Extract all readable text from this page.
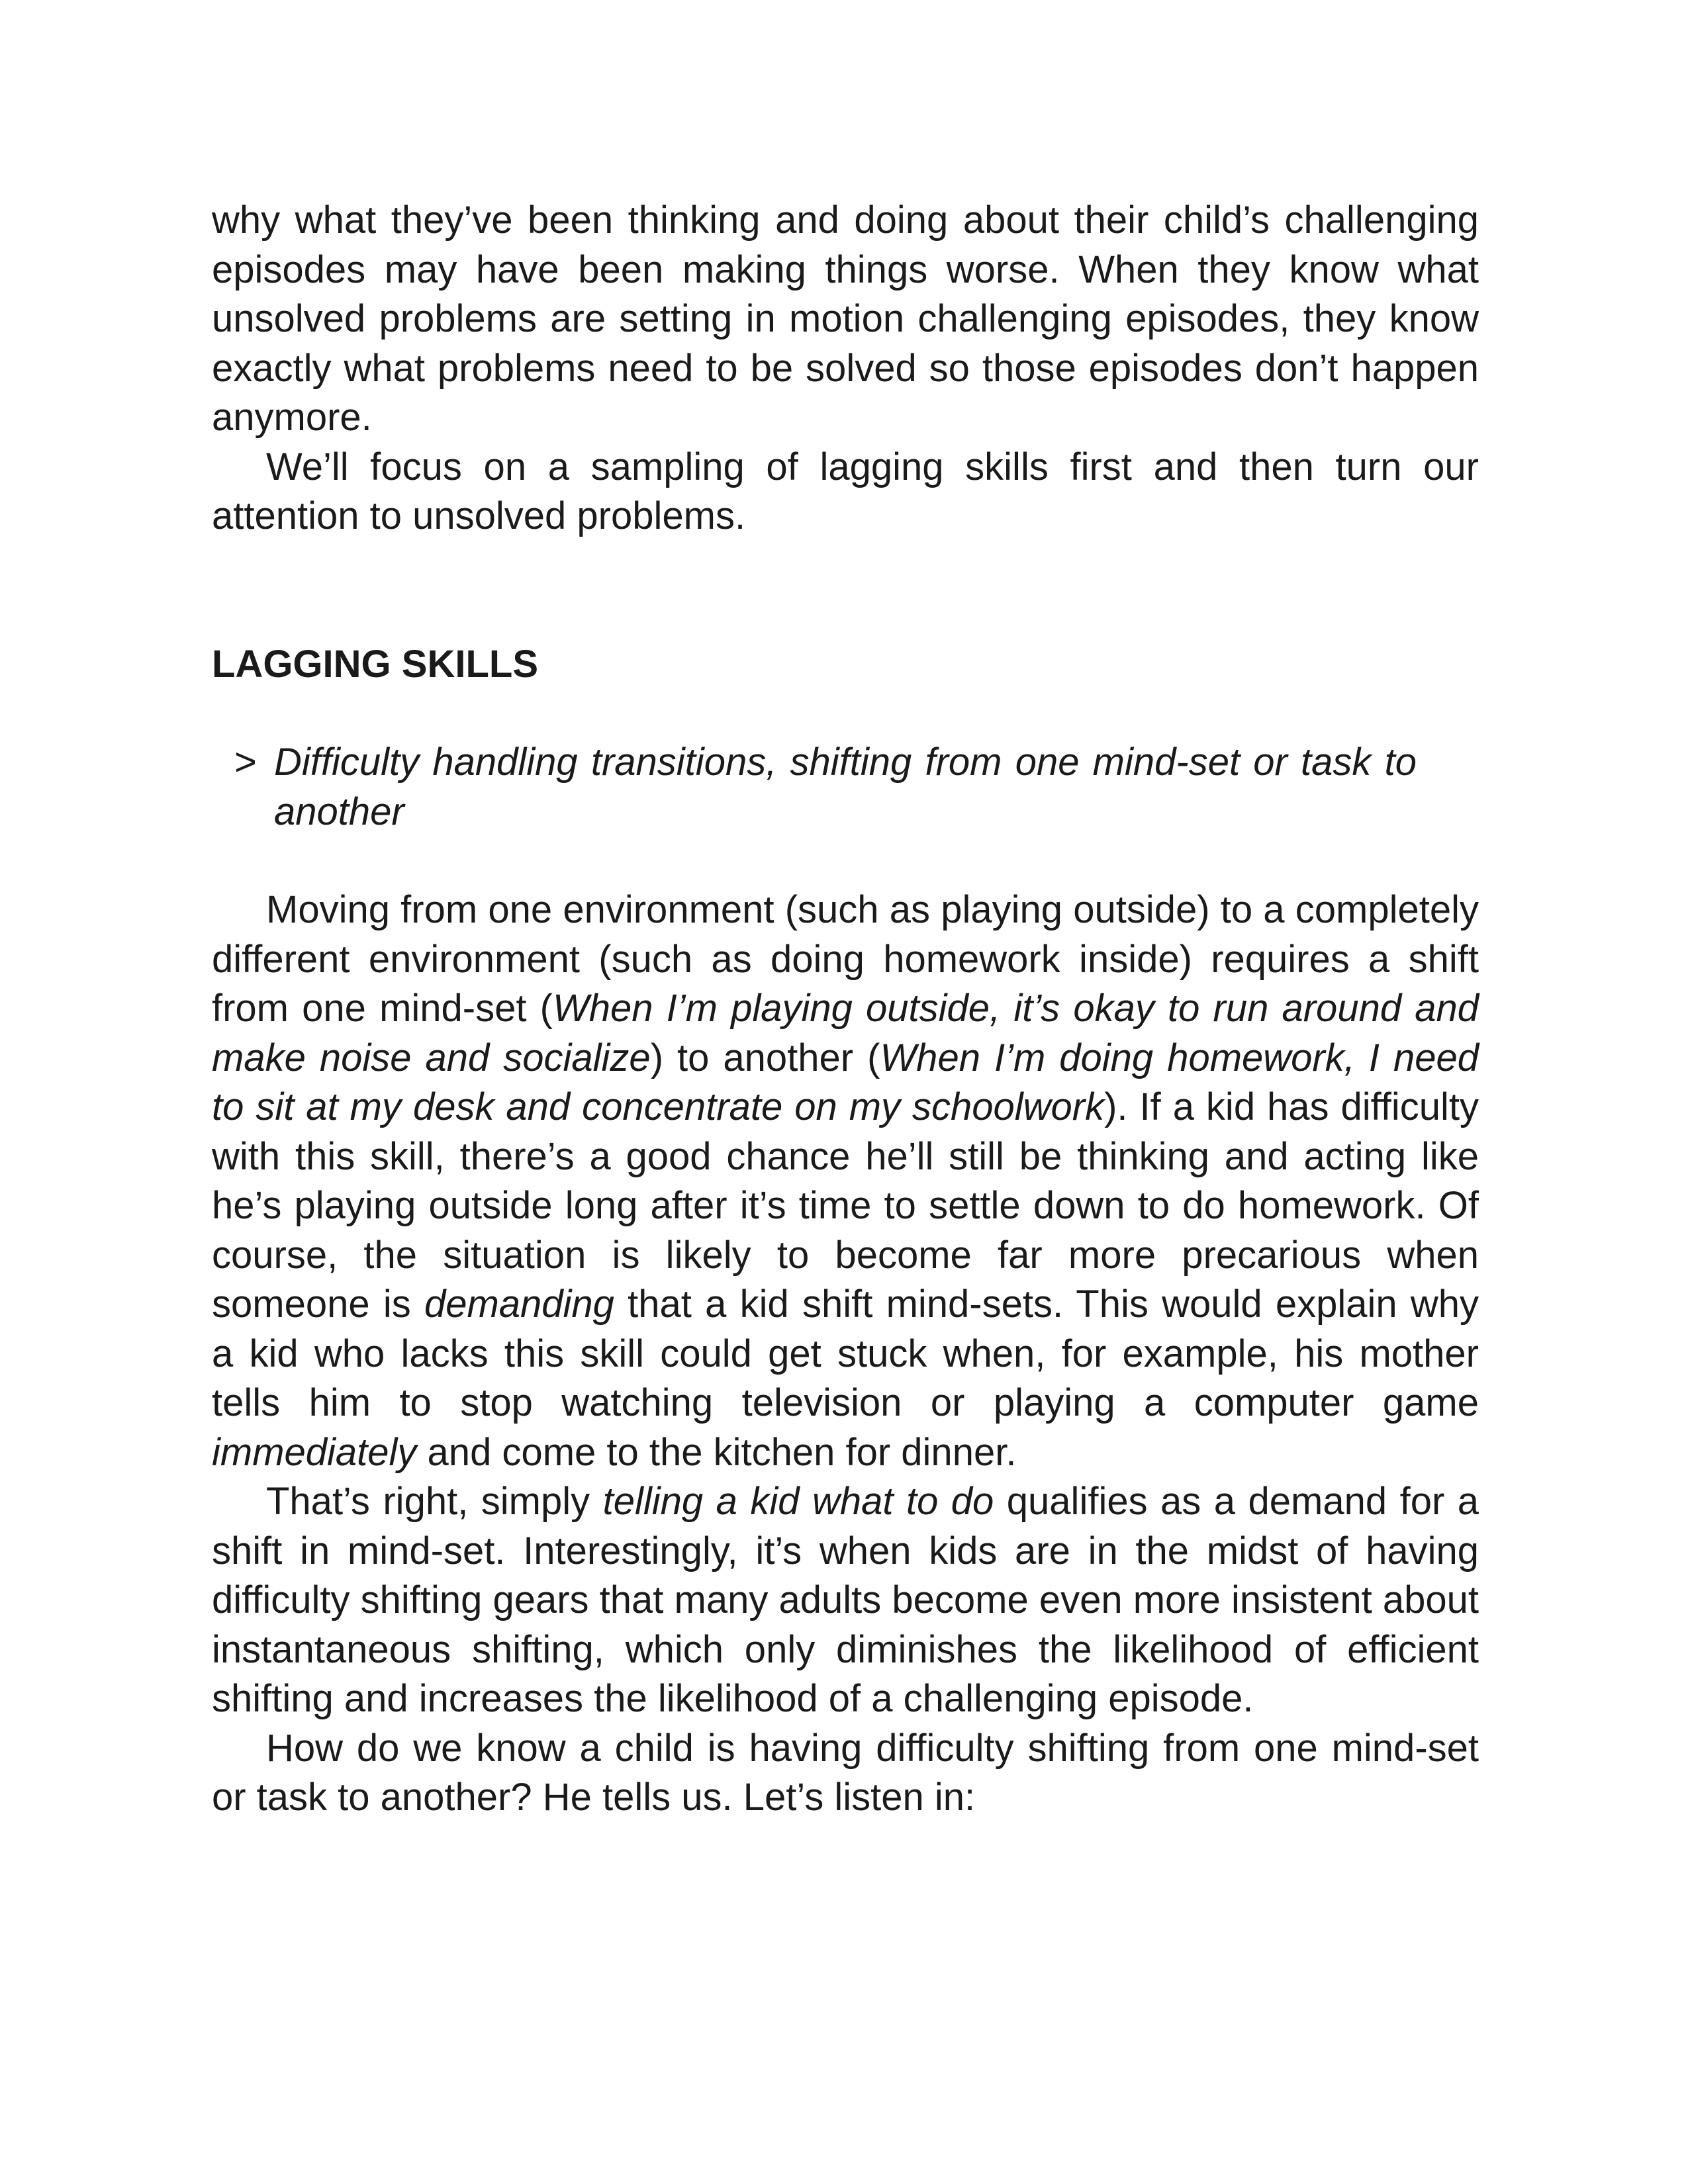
why what they’ve been thinking and doing about their child’s challenging episodes may have been making things worse. When they know what unsolved problems are setting in motion challenging episodes, they know exactly what problems need to be solved so those episodes don’t happen anymore.

We’ll focus on a sampling of lagging skills first and then turn our attention to unsolved problems.

LAGGING SKILLS
> Difficulty handling transitions, shifting from one mind-set or task to another

Moving from one environment (such as playing outside) to a completely different environment (such as doing homework inside) requires a shift from one mind-set (When I’m playing outside, it’s okay to run around and make noise and socialize) to another (When I’m doing homework, I need to sit at my desk and concentrate on my schoolwork). If a kid has difficulty with this skill, there’s a good chance he’ll still be thinking and acting like he’s playing outside long after it’s time to settle down to do homework. Of course, the situation is likely to become far more precarious when someone is demanding that a kid shift mind-sets. This would explain why a kid who lacks this skill could get stuck when, for example, his mother tells him to stop watching television or playing a computer game immediately and come to the kitchen for dinner.

That’s right, simply telling a kid what to do qualifies as a demand for a shift in mind-set. Interestingly, it’s when kids are in the midst of having difficulty shifting gears that many adults become even more insistent about instantaneous shifting, which only diminishes the likelihood of efficient shifting and increases the likelihood of a challenging episode.

How do we know a child is having difficulty shifting from one mind-set or task to another? He tells us. Let’s listen in:
